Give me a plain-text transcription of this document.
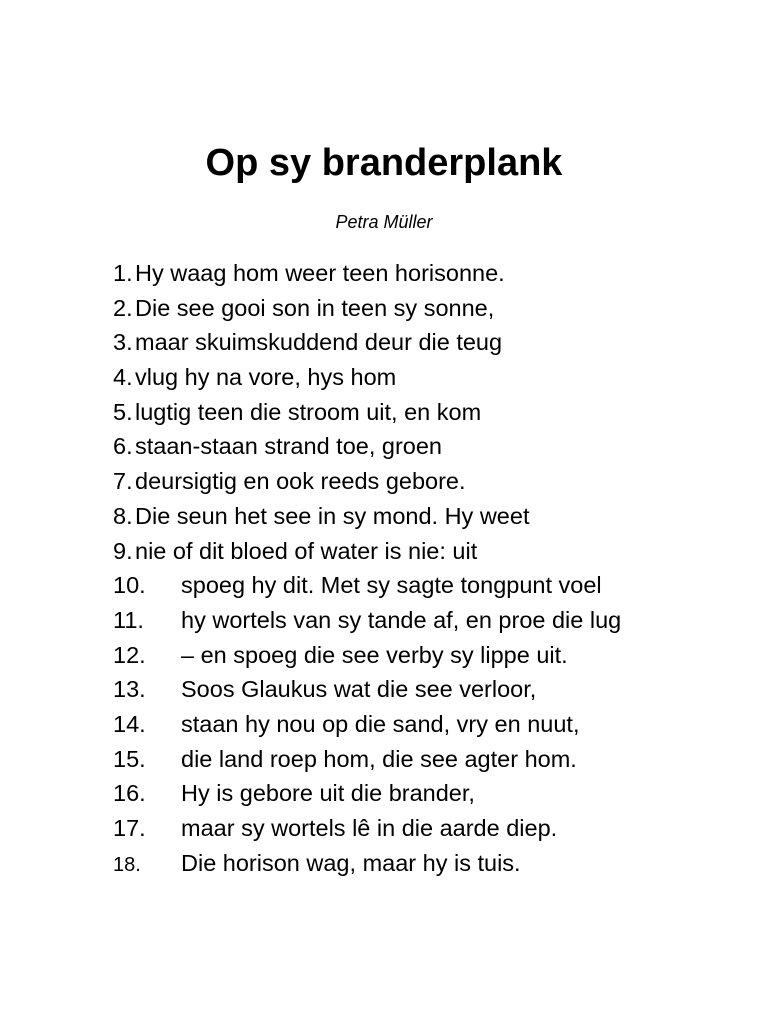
Op sy branderplank
Petra Müller
1. Hy waag hom weer teen horisonne.
2. Die see gooi son in teen sy sonne,
3. maar skuimskuddend deur die teug
4. vlug hy na vore, hys hom
5. lugtig teen die stroom uit, en kom
6. staan-staan strand toe, groen
7. deursigtig en ook reeds gebore.
8. Die seun het see in sy mond. Hy weet
9. nie of dit bloed of water is nie: uit
10. spoeg hy dit. Met sy sagte tongpunt voel
11. hy wortels van sy tande af, en proe die lug
12. – en spoeg die see verby sy lippe uit.
13. Soos Glaukus wat die see verloor,
14. staan hy nou op die sand, vry en nuut,
15. die land roep hom, die see agter hom.
16. Hy is gebore uit die brander,
17. maar sy wortels lê in die aarde diep.
18. Die horison wag, maar hy is tuis.
